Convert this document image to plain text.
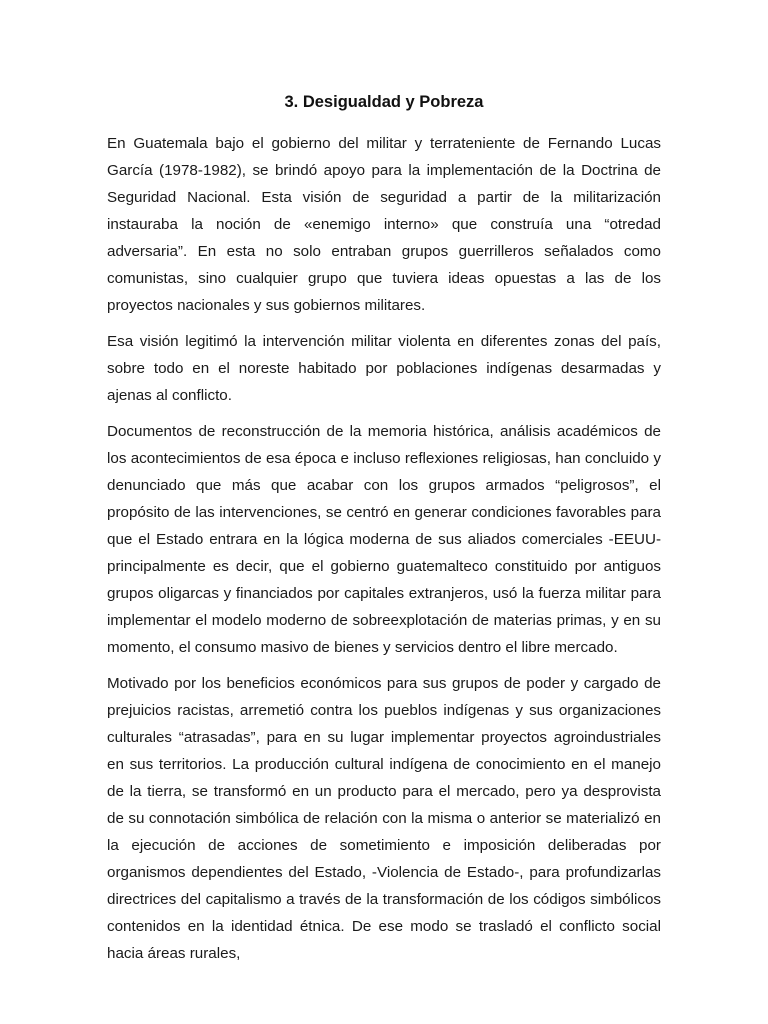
3. Desigualdad y Pobreza

En Guatemala bajo el gobierno del militar y terrateniente de Fernando Lucas García (1978-1982), se brindó apoyo para la implementación de la Doctrina de Seguridad Nacional. Esta visión de seguridad a partir de la militarización instauraba la noción de «enemigo interno» que construía una “otredad adversaria”. En esta no solo entraban grupos guerrilleros señalados como comunistas, sino cualquier grupo que tuviera ideas opuestas a las de los proyectos nacionales y sus gobiernos militares.

Esa visión legitimó la intervención militar violenta en diferentes zonas del país, sobre todo en el noreste habitado por poblaciones indígenas desarmadas y ajenas al conflicto.

Documentos de reconstrucción de la memoria histórica, análisis académicos de los acontecimientos de esa época e incluso reflexiones religiosas, han concluido y denunciado que más que acabar con los grupos armados “peligrosos”, el propósito de las intervenciones, se centró en generar condiciones favorables para que el Estado entrara en la lógica moderna de sus aliados comerciales -EEUU- principalmente es decir, que el gobierno guatemalteco constituido por antiguos grupos oligarcas y financiados por capitales extranjeros, usó la fuerza militar para implementar el modelo moderno de sobreexplotación de materias primas, y en su momento, el consumo masivo de bienes y servicios dentro el libre mercado.

Motivado por los beneficios económicos para sus grupos de poder y cargado de prejuicios racistas, arremetió contra los pueblos indígenas y sus organizaciones culturales “atrasadas”, para en su lugar implementar proyectos agroindustriales en sus territorios. La producción cultural indígena de conocimiento en el manejo de la tierra, se transformó en un producto para el mercado, pero ya desprovista de su connotación simbólica de relación con la misma o anterior se materializó en la ejecución de acciones de sometimiento e imposición deliberadas por organismos dependientes del Estado, -Violencia de Estado-, para profundizarlas directrices del capitalismo a través de la transformación de los códigos simbólicos contenidos en la identidad étnica. De ese modo se trasladó el conflicto social hacia áreas rurales,
